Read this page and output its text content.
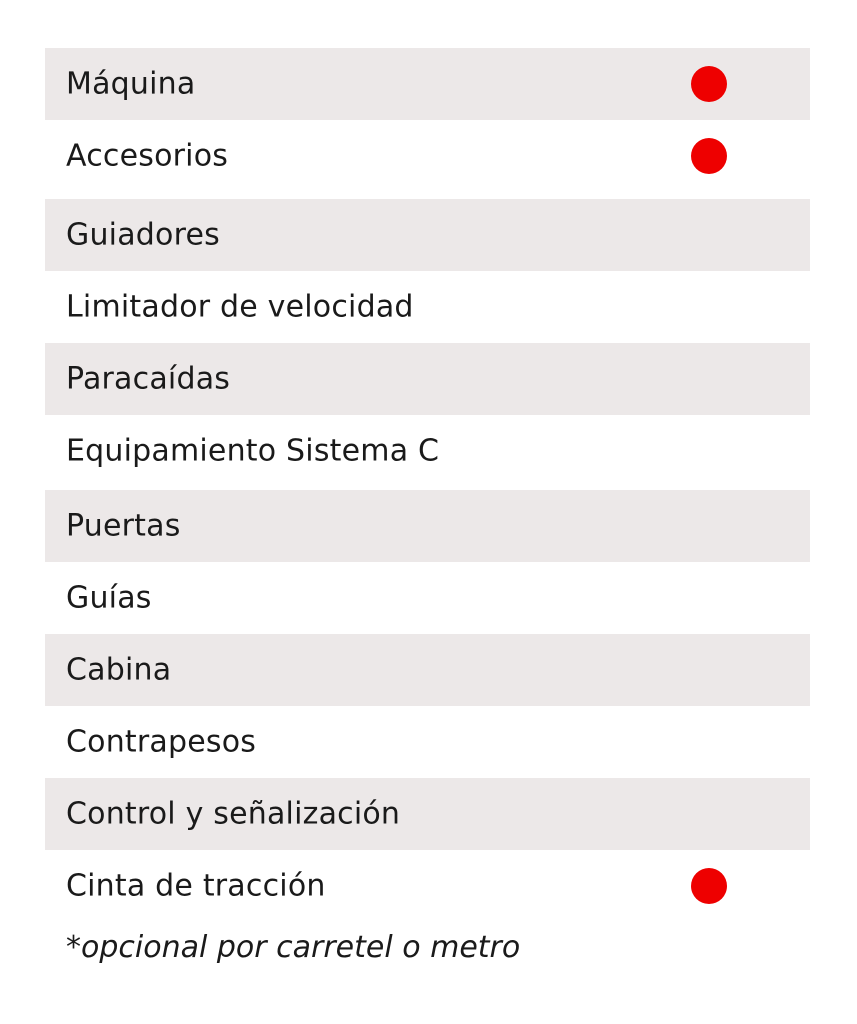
Máquina
Accesorios
Guiadores
Limitador de velocidad
Paracaídas
Equipamiento Sistema C
Puertas
Guías
Cabina
Contrapesos
Control y señalización
Cinta de tracción
*opcional por carretel o metro
